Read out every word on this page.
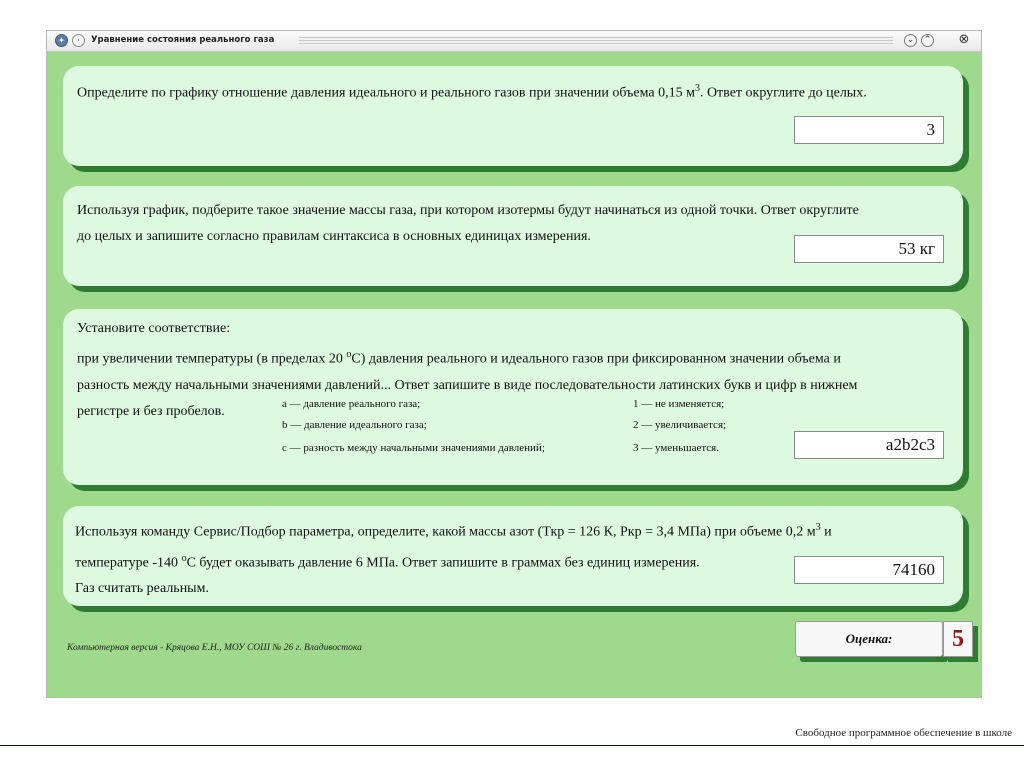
✦	·	Уравнение состояния реального газа	⌄	⌃ ⊗
Определите по графику отношение давления идеального и реального газов при значении объема 0,15 $м^3$. Ответ округлите до целых.
3
Используя график, подберите такое значение массы газа, при котором изотермы будут начинаться из одной точки. Ответ округлите
до целых и запишите согласно правилам синтаксиса в основных единицах измерения.
53 кг
Установите соответствие:
при увеличении температуры (в пределах 20 $^о$С) давления реального и идеального газов при фиксированном значении объема и
разность между начальными значениями давлений... Ответ запишите в виде последовательности латинских букв и цифр в нижнем
регистре и без пробелов.	а — давление реального газа;
b — давление идеального газа;
с — разность между начальными значениями давлений;
1 — не изменяется;
2 — увеличивается;
3 — уменьшается.	a2b2c3
Используя команду Сервис/Подбор параметра, определите, какой массы азот (Ткр = 126 К, Ркр = 3,4 МПа) при объеме 0,2 $м^3$ и
температуре -140 $^о$С будет оказывать давление 6 МПа. Ответ запишите в граммах без единиц измерения.
Газ считать реальным.
74160
Компьютерная версия - Кряцова Е.Н., МОУ СОШ № 26 г. Владивостока
Оценка:	5
Свободное программное обеспечение в школе
